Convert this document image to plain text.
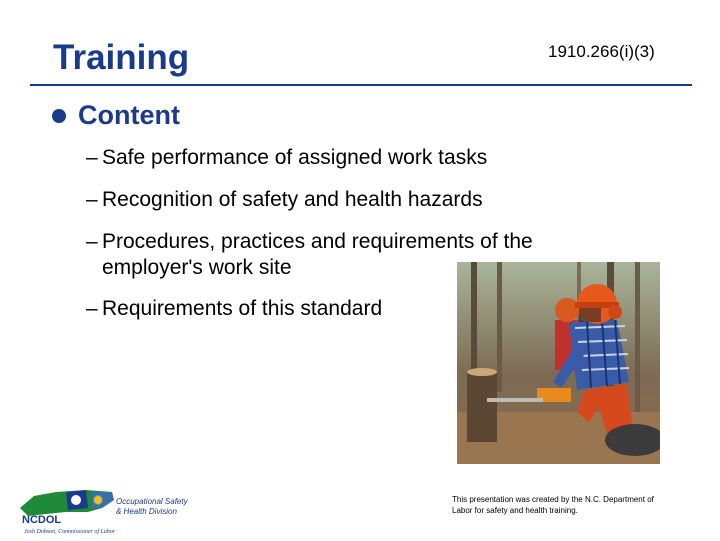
Training	1910.266(i)(3)
Content
– Safe performance of assigned work tasks
– Recognition of safety and health hazards
– Procedures, practices and requirements of the employer's work site
– Requirements of this standard
This presentation was created by the N.C. Department of Labor for safety and health training.
NCDOL
Occupational Safety
& Health Division
Josh Dobson, Commissioner of Labor
